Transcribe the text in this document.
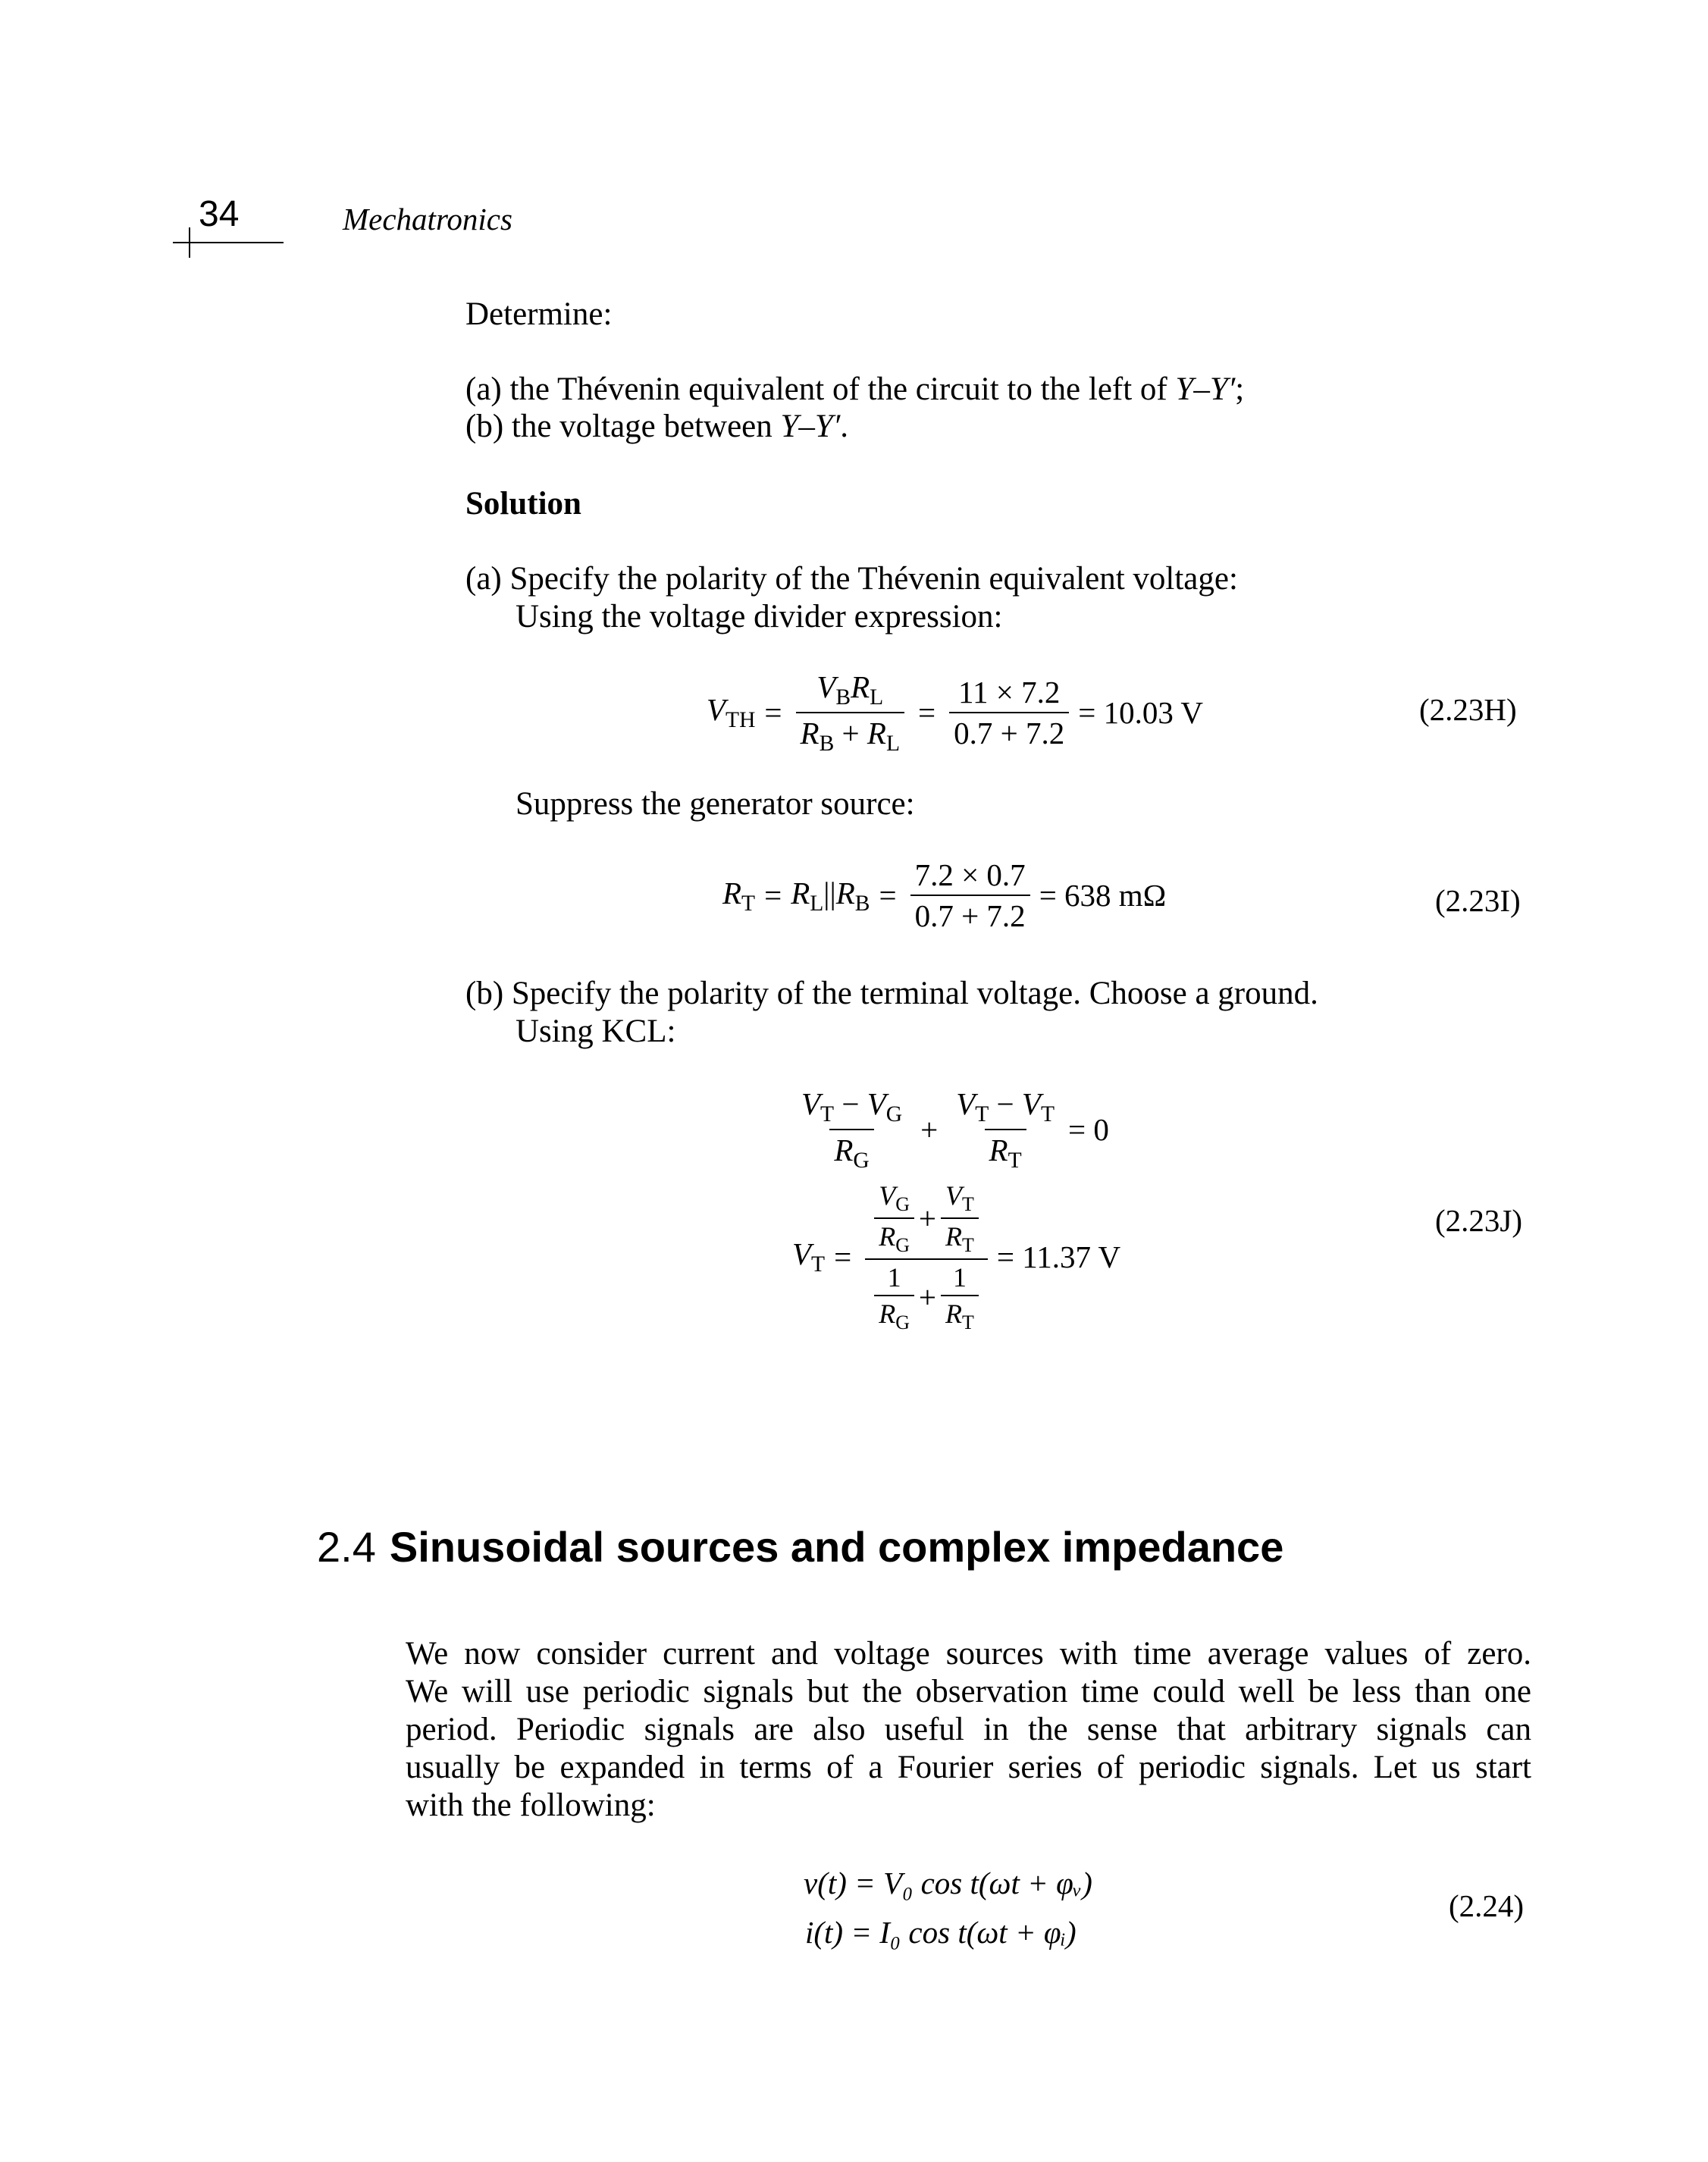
34	Mechatronics
Determine:
(a) the Thévenin equivalent of the circuit to the left of Y–Y′;
(b) the voltage between Y–Y′.
Solution
(a) Specify the polarity of the Thévenin equivalent voltage:
Using the voltage divider expression:
$V_{TH} = \frac{V_BR_L}{R_B + R_L} = \frac{11 \times 7.2}{0.7 + 7.2} = 10.03$ V	(2.23H)
Suppress the generator source:
$R_T = R_L||R_B = \frac{7.2 \times 0.7}{0.7 + 7.2} = 638$ mΩ	(2.23I)
(b) Specify the polarity of the terminal voltage. Choose a ground.
Using KCL:
$\frac{V_T - V_G}{R_G} + \frac{V_T - V_T}{R_T} = 0$
$V_T$ =
$\frac{V_G}{R_G} + \frac{V_T}{R_T}$
$\frac{1}{R_G} + \frac{1}{R_T}$
= 11.37 V
(2.23J)
2.4 Sinusoidal sources and complex impedance
We now consider current and voltage sources with time average values of zero.
We will use periodic signals but the observation time could well be less than one
period. Periodic signals are also useful in the sense that arbitrary signals can
usually be expanded in terms of a Fourier series of periodic signals. Let us start
with the following:
v(t) = V₀ cos t(ωt + φᵥ)
i(t) = I₀ cos t(ωt + φᵢ)
(2.24)
